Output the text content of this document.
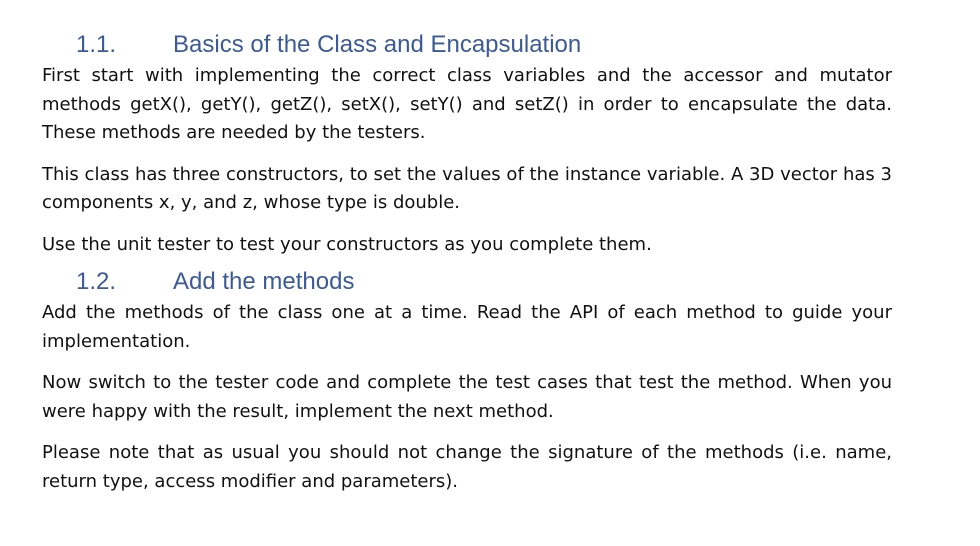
1.1.	Basics of the Class and Encapsulation

First start with implementing the correct class variables and the accessor and mutator methods getX(), getY(), getZ(), setX(), setY() and setZ() in order to encapsulate the data. These methods are needed by the testers.

This class has three constructors, to set the values of the instance variable. A 3D vector has 3 components x, y, and z, whose type is double.

Use the unit tester to test your constructors as you complete them.

1.2.	Add the methods

Add the methods of the class one at a time. Read the API of each method to guide your implementation.

Now switch to the tester code and complete the test cases that test the method. When you were happy with the result, implement the next method.

Please note that as usual you should not change the signature of the methods (i.e. name, return type, access modifier and parameters).
